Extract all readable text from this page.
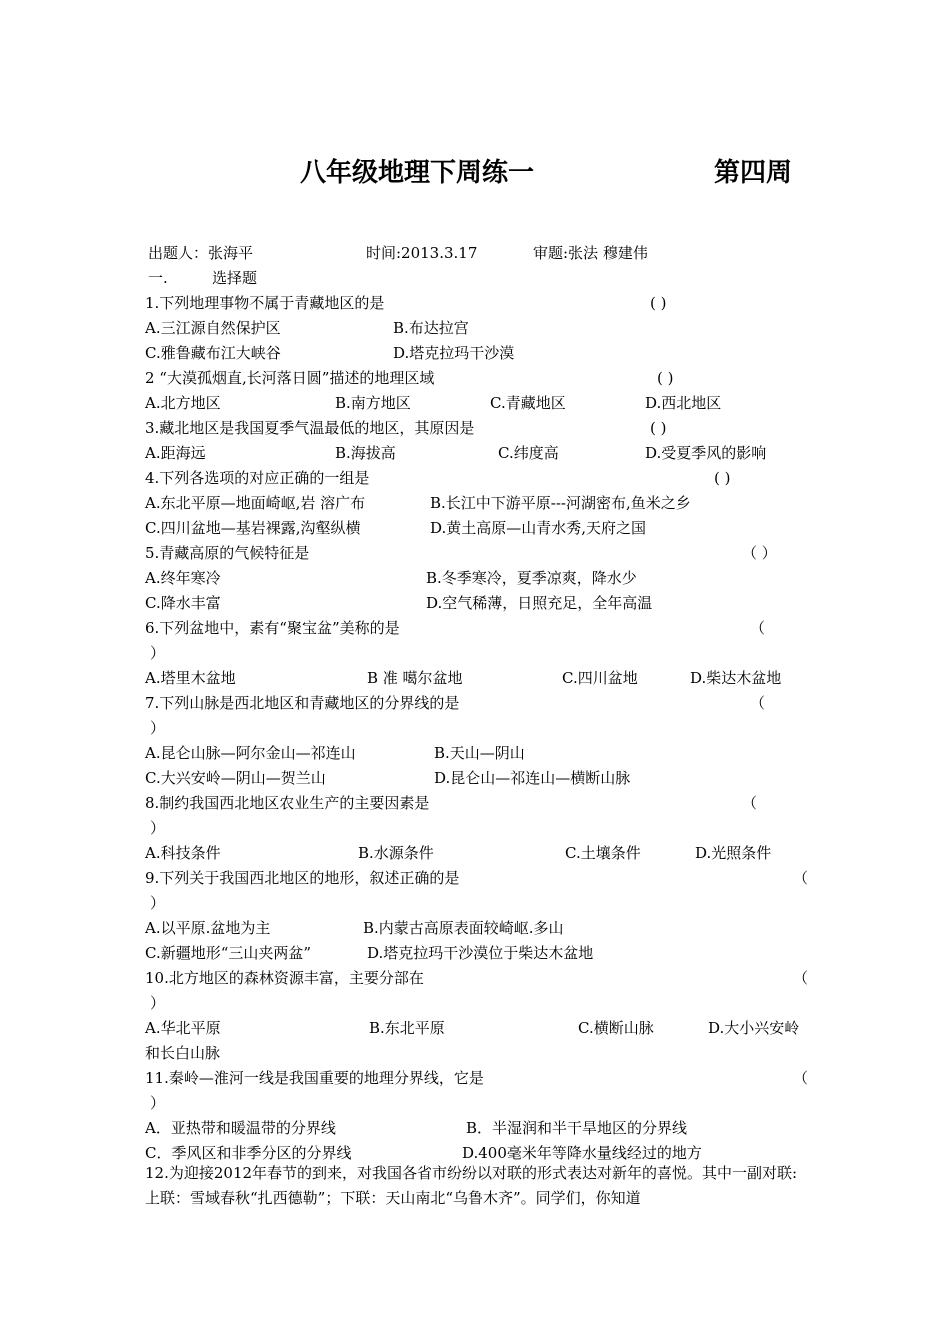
八年级地理下周练一	第四周
出题人：张海平	时间:2013.3.17	审题:张法 穆建伟
一.	选择题
1.下列地理事物不属于青藏地区的是	( )
A.三江源自然保护区	B.布达拉宫
C.雅鲁藏布江大峡谷	D.塔克拉玛干沙漠
2 “大漠孤烟直,长河落日圆”描述的地理区域	( )
A.北方地区	B.南方地区	C.青藏地区	D.西北地区
3.藏北地区是我国夏季气温最低的地区，其原因是	( )
A.距海远	B.海拔高	C.纬度高	D.受夏季风的影响
4.下列各选项的对应正确的一组是	( )
A.东北平原—地面崎岖,岩 溶广布	B.长江中下游平原---河湖密布,鱼米之乡
C.四川盆地—基岩裸露,沟壑纵横	D.黄土高原—山青水秀,天府之国
5.青藏高原的气候特征是	（ ）
A.终年寒冷	B.冬季寒冷，夏季凉爽，降水少
C.降水丰富	D.空气稀薄，日照充足，全年高温
6.下列盆地中，素有“聚宝盆”美称的是	（
）
A.塔里木盆地	B 准 噶尔盆地	C.四川盆地	D.柴达木盆地
7.下列山脉是西北地区和青藏地区的分界线的是	（
）
A.昆仑山脉—阿尔金山—祁连山	B.天山—阴山
C.大兴安岭—阴山—贺兰山	D.昆仑山—祁连山—横断山脉
8.制约我国西北地区农业生产的主要因素是	（
）
A.科技条件	B.水源条件	C.土壤条件	D.光照条件
9.下列关于我国西北地区的地形，叙述正确的是	（
）
A.以平原.盆地为主	B.内蒙古高原表面较崎岖.多山
C.新疆地形“三山夹两盆”	D.塔克拉玛干沙漠位于柴达木盆地
10.北方地区的森林资源丰富，主要分部在	（
）
A.华北平原	B.东北平原	C.横断山脉	D.大小兴安岭
和长白山脉
11.秦岭—淮河一线是我国重要的地理分界线，它是	（
）
A．亚热带和暖温带的分界线	B．半湿润和半干旱地区的分界线
C．季风区和非季分区的分界线	D.400毫米年等降水量线经过的地方
12.为迎接2012年春节的到来，对我国各省市纷纷以对联的形式表达对新年的喜悦。其中一副对联:上联：雪域春秋“扎西德勒”；下联：天山南北“乌鲁木齐”。同学们，你知道
